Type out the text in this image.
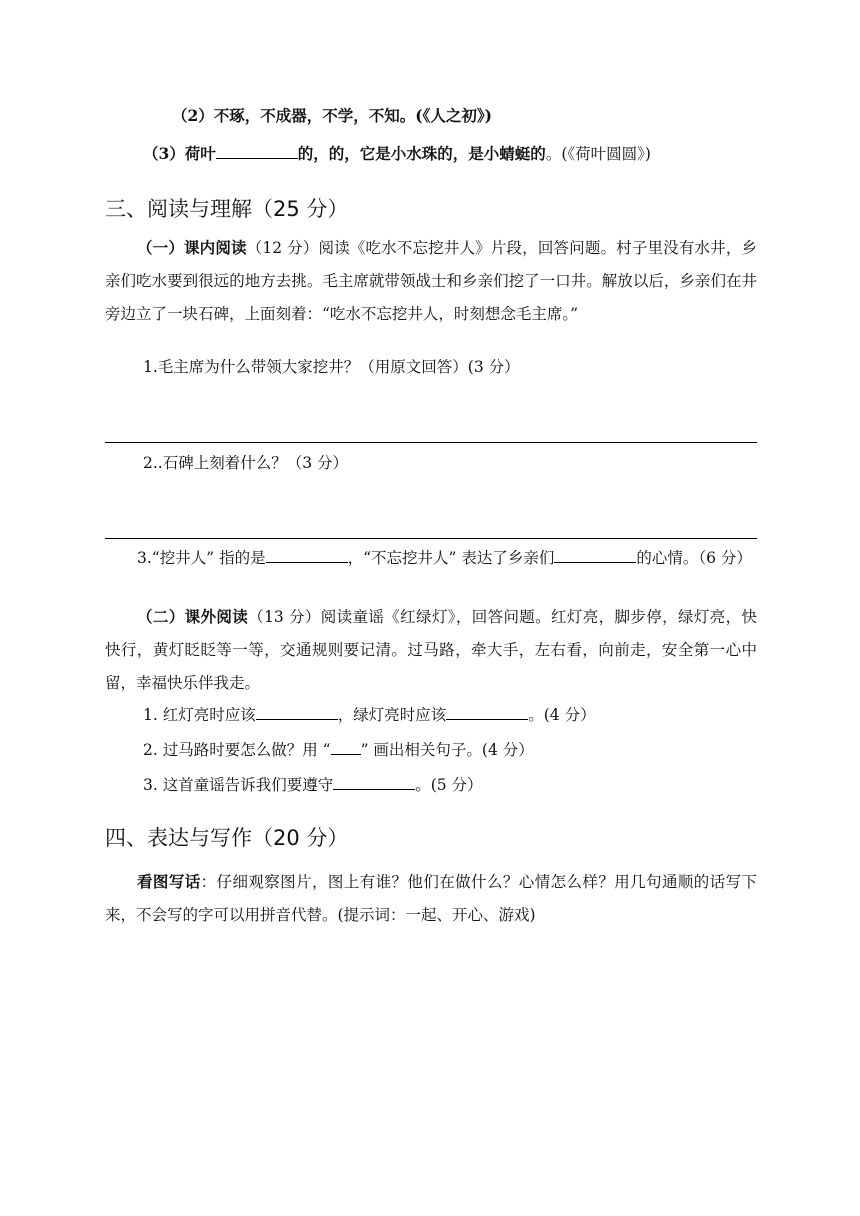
（2）不琢，不成器，不学，不知。(《人之初》)
（3）荷叶	的，的，它是小水珠的，是小蜻蜓的。(《荷叶圆圆》)
三、阅读与理解（25 分）
（一）课内阅读（12 分）阅读《吃水不忘挖井人》片段，回答问题。村子里没有水井，乡亲们吃水要到很远的地方去挑。毛主席就带领战士和乡亲们挖了一口井。解放以后，乡亲们在井旁边立了一块石碑，上面刻着：“吃水不忘挖井人，时刻想念毛主席。”
1.毛主席为什么带领大家挖井？（用原文回答）(3 分）
2..石碑上刻着什么？（3 分）
3.“挖井人” 指的是	，“不忘挖井人” 表达了乡亲们	的心情。（6 分）
（二）课外阅读（13 分）阅读童谣《红绿灯》，回答问题。红灯亮，脚步停，绿灯亮，快快行，黄灯眨眨等一等，交通规则要记清。过马路，牵大手，左右看，向前走，安全第一心中留，幸福快乐伴我走。
1. 红灯亮时应该	，绿灯亮时应该	。(4 分）
2. 过马路时要怎么做？用 “ ” 画出相关句子。(4 分）
3. 这首童谣告诉我们要遵守	。(5 分）
四、表达与写作（20 分）
看图写话：仔细观察图片，图上有谁？他们在做什么？心情怎么样？用几句通顺的话写下来，不会写的字可以用拼音代替。(提示词：一起、开心、游戏)
